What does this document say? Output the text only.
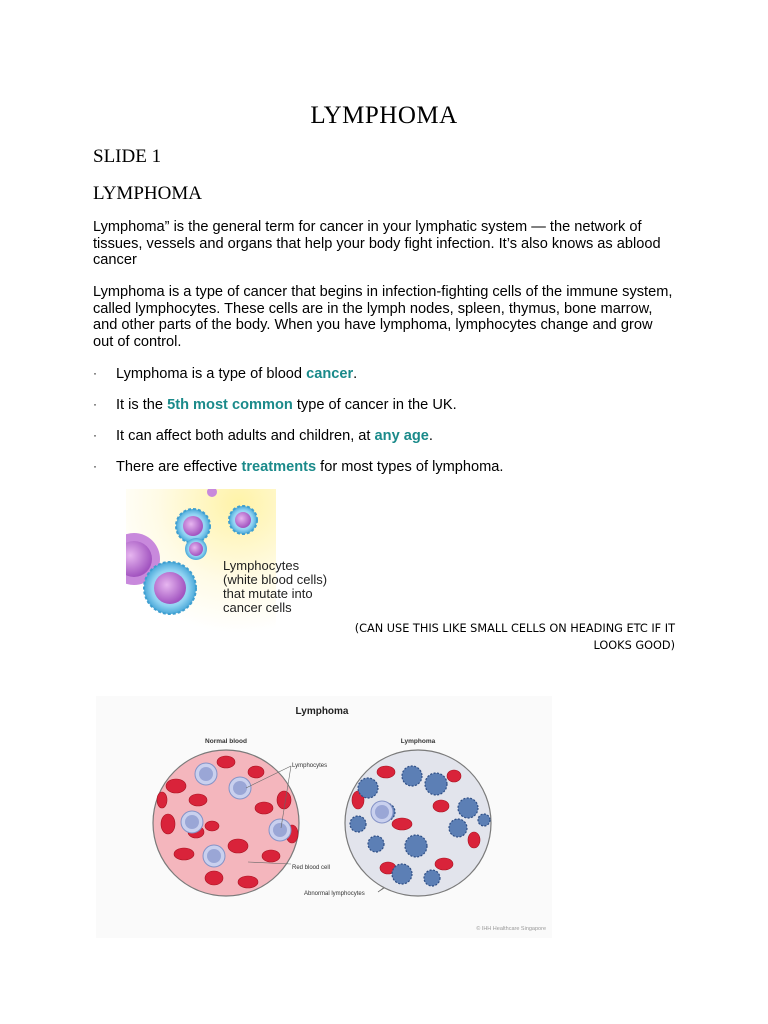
LYMPHOMA
SLIDE 1
LYMPHOMA
Lymphoma” is the general term for cancer in your lymphatic system — the network of tissues, vessels and organs that help your body fight infection. It’s also knows as ablood cancer
Lymphoma is a type of cancer that begins in infection-fighting cells of the immune system, called lymphocytes. These cells are in the lymph nodes, spleen, thymus, bone marrow, and other parts of the body. When you have lymphoma, lymphocytes change and grow out of control.
· Lymphoma is a type of blood cancer.
· It is the 5th most common type of cancer in the UK.
· It can affect both adults and children, at any age.
· There are effective treatments for most types of lymphoma.
Lymphocytes
(white blood cells)
that mutate into
cancer cells
(CAN USE THIS LIKE SMALL CELLS ON HEADING ETC IF IT LOOKS GOOD)
Lymphoma
Normal blood	Lymphoma
Lymphocytes
Red blood cell
Abnormal lymphocytes
© IHH Healthcare Singapore
